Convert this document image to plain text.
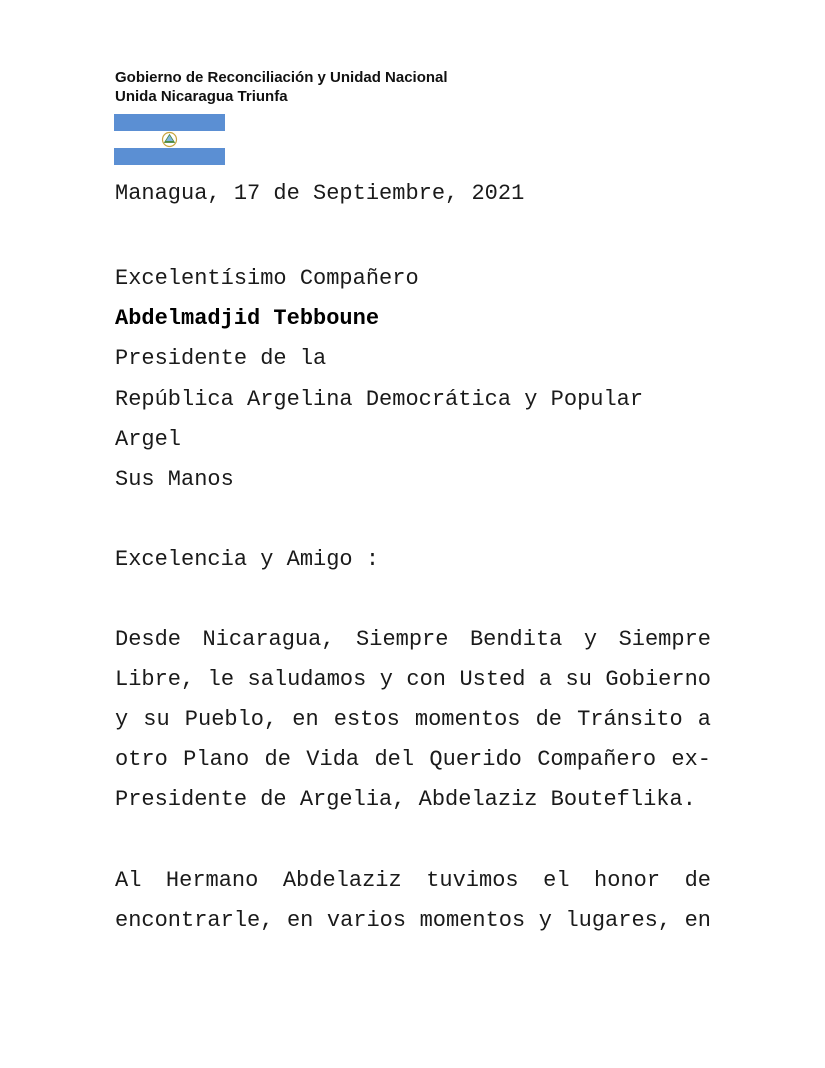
Gobierno de Reconciliación y Unidad Nacional
Unida Nicaragua Triunfa
Managua, 17 de Septiembre, 2021
Excelentísimo Compañero
Abdelmadjid Tebboune
Presidente de la
República Argelina Democrática y Popular
Argel
Sus Manos
Excelencia y Amigo :
Desde Nicaragua, Siempre Bendita y Siempre
Libre, le saludamos y con Usted a su Gobierno
y su Pueblo, en estos momentos de Tránsito a
otro Plano de Vida del Querido Compañero ex-
Presidente de Argelia, Abdelaziz Bouteflika.
Al Hermano Abdelaziz tuvimos el honor de
encontrarle, en varios momentos y lugares, en
